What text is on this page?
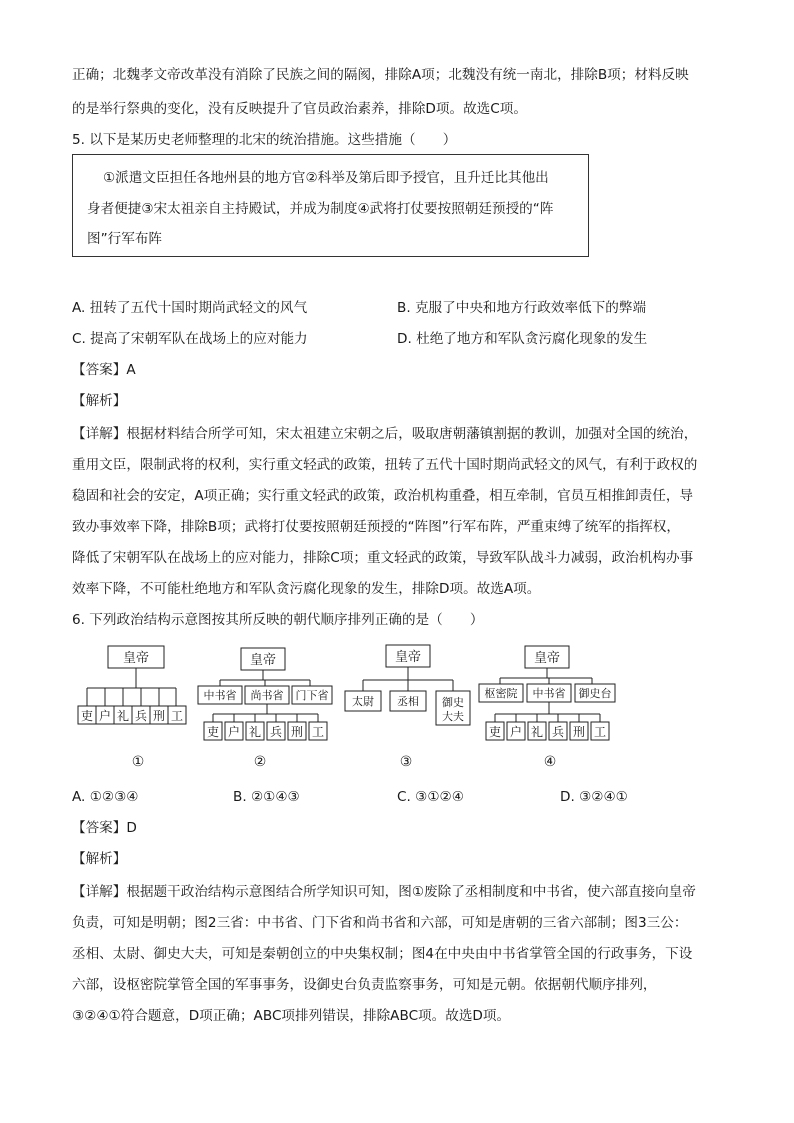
正确；北魏孝文帝改革没有消除了民族之间的隔阂，排除A项；北魏没有统一南北，排除B项；材料反映
的是举行祭典的变化，没有反映提升了官员政治素养，排除D项。故选C项。
5. 以下是某历史老师整理的北宋的统治措施。这些措施（　　）
①派遣文臣担任各地州县的地方官②科举及第后即予授官，且升迁比其他出
身者便捷③宋太祖亲自主持殿试，并成为制度④武将打仗要按照朝廷预授的“阵
图”行军布阵
A. 扭转了五代十国时期尚武轻文的风气	B. 克服了中央和地方行政效率低下的弊端
C. 提高了宋朝军队在战场上的应对能力	D. 杜绝了地方和军队贪污腐化现象的发生
【答案】A
【解析】
【详解】根据材料结合所学可知，宋太祖建立宋朝之后，吸取唐朝藩镇割据的教训，加强对全国的统治，
重用文臣，限制武将的权利，实行重文轻武的政策，扭转了五代十国时期尚武轻文的风气，有利于政权的
稳固和社会的安定，A项正确；实行重文轻武的政策，政治机构重叠，相互牵制，官员互相推卸责任，导
致办事效率下降，排除B项；武将打仗要按照朝廷预授的“阵图”行军布阵，严重束缚了统军的指挥权，
降低了宋朝军队在战场上的应对能力，排除C项；重文轻武的政策，导致军队战斗力减弱，政治机构办事
效率下降，不可能杜绝地方和军队贪污腐化现象的发生，排除D项。故选A项。
6. 下列政治结构示意图按其所反映的朝代顺序排列正确的是（　　）
皇帝
吏 户 礼 兵 刑 工
皇帝
中书省 尚书省 门下省
吏 户 礼 兵 刑 工
皇帝
太尉 丞相 御史
大夫
皇帝
枢密院 中书省 御史台
吏 户 礼 兵 刑 工
①	②	③	④
A. ①②③④	B. ②①④③	C. ③①②④	D. ③②④①
【答案】D
【解析】
【详解】根据题干政治结构示意图结合所学知识可知，图①废除了丞相制度和中书省，使六部直接向皇帝
负责，可知是明朝；图2三省：中书省、门下省和尚书省和六部，可知是唐朝的三省六部制；图3三公：
丞相、太尉、御史大夫，可知是秦朝创立的中央集权制；图4在中央由中书省掌管全国的行政事务，下设
六部，设枢密院掌管全国的军事事务，设御史台负责监察事务，可知是元朝。依据朝代顺序排列，
③②④①符合题意，D项正确；ABC项排列错误，排除ABC项。故选D项。
